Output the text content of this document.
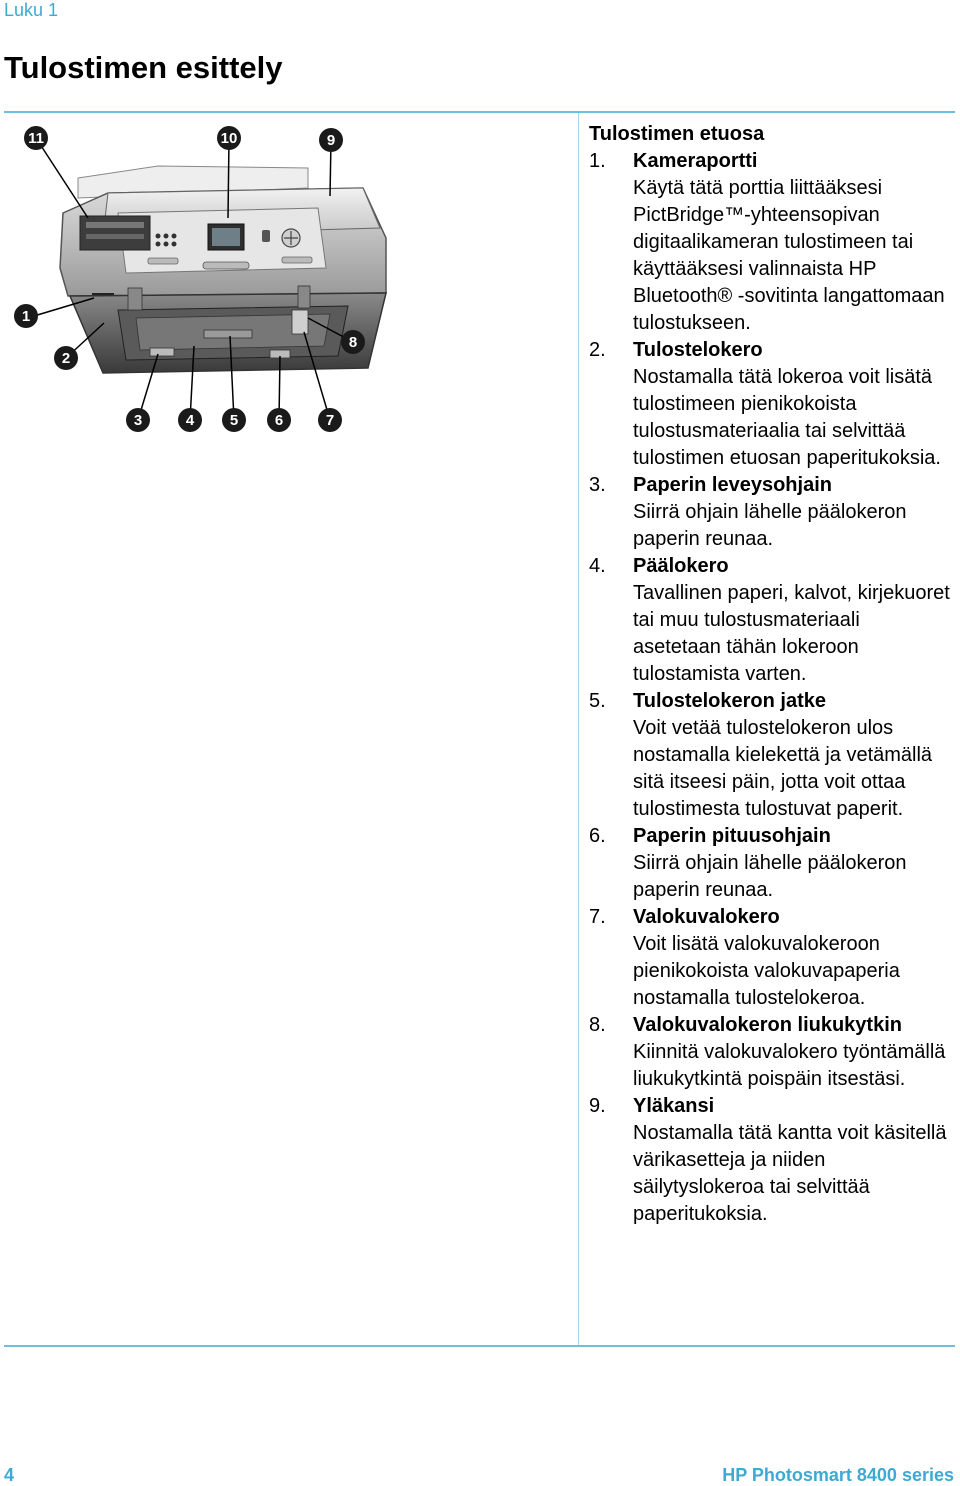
Luku 1
Tulostimen esittely
11	10	9
1
2
8
3	4 5 6	7
Tulostimen etuosa
1. Kameraportti
Käytä tätä porttia liittääksesi PictBridge™-yhteensopivan digitaalikameran tulostimeen tai käyttääksesi valinnaista HP Bluetooth® -sovitinta langattomaan tulostukseen.
2. Tulostelokero
Nostamalla tätä lokeroa voit lisätä tulostimeen pienikokoista tulostusmateriaalia tai selvittää tulostimen etuosan paperitukoksia.
3. Paperin leveysohjain
Siirrä ohjain lähelle päälokeron paperin reunaa.
4. Päälokero
Tavallinen paperi, kalvot, kirjekuoret tai muu tulostusmateriaali asetetaan tähän lokeroon tulostamista varten.
5. Tulostelokeron jatke
Voit vetää tulostelokeron ulos nostamalla kielekettä ja vetämällä sitä itseesi päin, jotta voit ottaa tulostimesta tulostuvat paperit.
6. Paperin pituusohjain
Siirrä ohjain lähelle päälokeron paperin reunaa.
7. Valokuvalokero
Voit lisätä valokuvalokeroon pienikokoista valokuvapaperia nostamalla tulostelokeroa.
8. Valokuvalokeron liukukytkin
Kiinnitä valokuvalokero työntämällä liukukytkintä poispäin itsestäsi.
9. Yläkansi
Nostamalla tätä kantta voit käsitellä värikasetteja ja niiden säilytyslokeroa tai selvittää paperitukoksia.
4	HP Photosmart 8400 series
